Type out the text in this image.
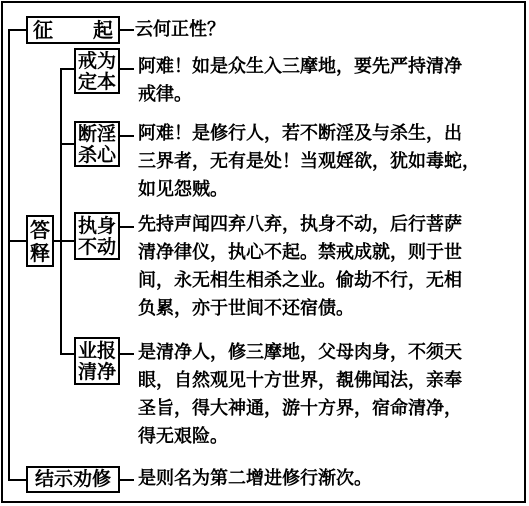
征　　起	云何正性？
答释
戒为定本
阿难！如是众生入三摩地，要先严持清净
戒律。
断淫杀心
阿难！是修行人，若不断淫及与杀生，出
三界者，无有是处！当观婬欲，犹如毒蛇，
如见怨贼。
执身不动
先持声闻四弃八弃，执身不动，后行菩萨
清净律仪，执心不起。禁戒成就，则于世
间，永无相生相杀之业。偷劫不行，无相
负累，亦于世间不还宿债。
业报清净
是清净人，修三摩地，父母肉身，不须天
眼，自然观见十方世界，覩佛闻法，亲奉
圣旨，得大神通，游十方界，宿命清净，
得无艰险。
结示劝修	是则名为第二增进修行渐次。
